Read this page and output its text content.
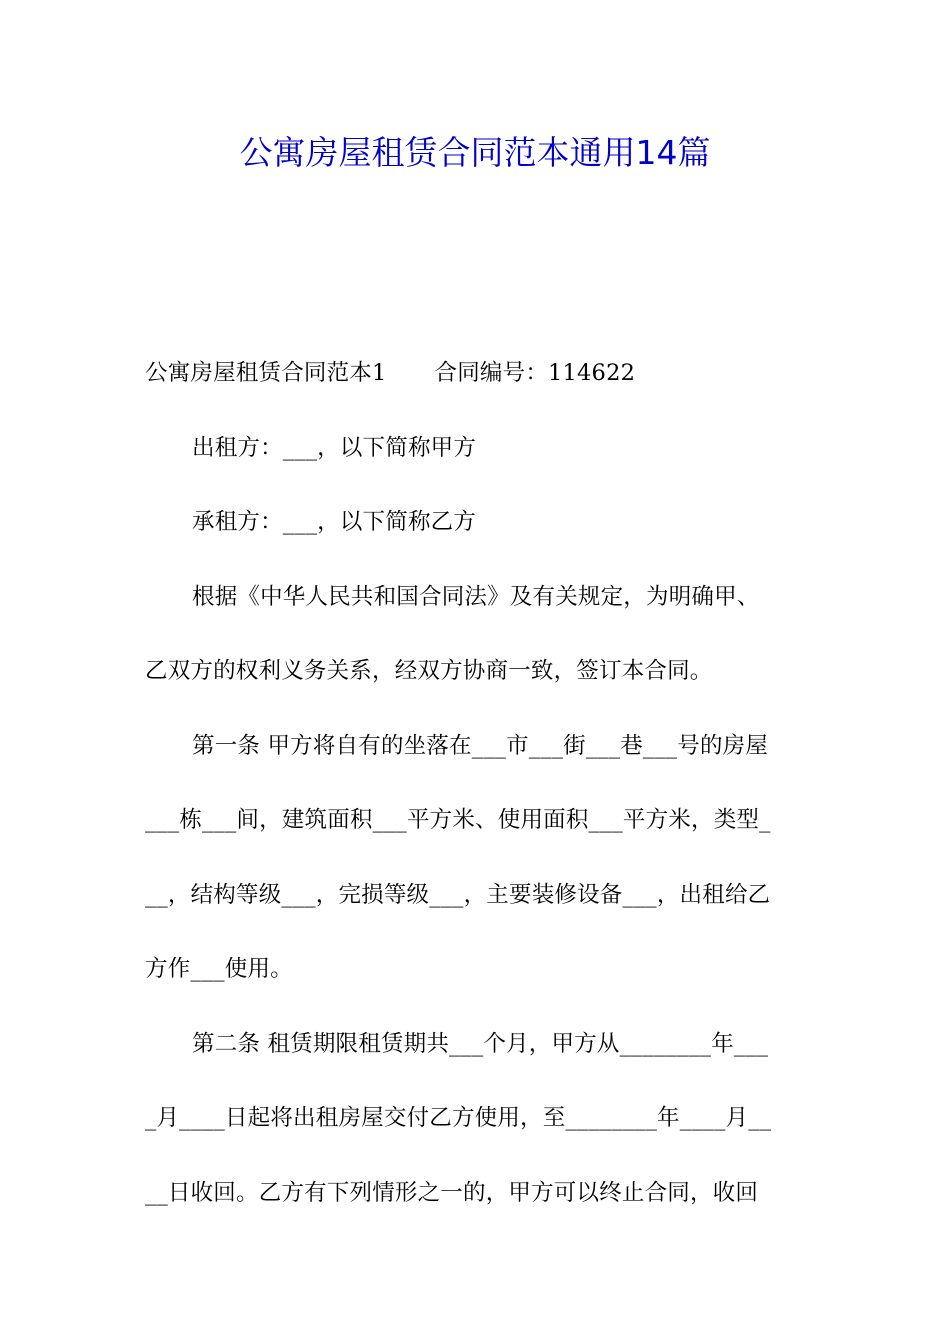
公寓房屋租赁合同范本通用14篇

公寓房屋租赁合同范本1 合同编号：114622

出租方：___，以下简称甲方

承租方：___，以下简称乙方

根据《中华人民共和国合同法》及有关规定，为明确甲、

乙双方的权利义务关系，经双方协商一致，签订本合同。

第一条 甲方将自有的坐落在___市___街___巷___号的房屋

___栋___间，建筑面积___平方米、使用面积___平方米，类型_

__，结构等级___，完损等级___，主要装修设备___，出租给乙

方作___使用。

第二条 租赁期限租赁期共___个月，甲方从________年___

_月____日起将出租房屋交付乙方使用，至________年____月__

__日收回。乙方有下列情形之一的，甲方可以终止合同，收回
